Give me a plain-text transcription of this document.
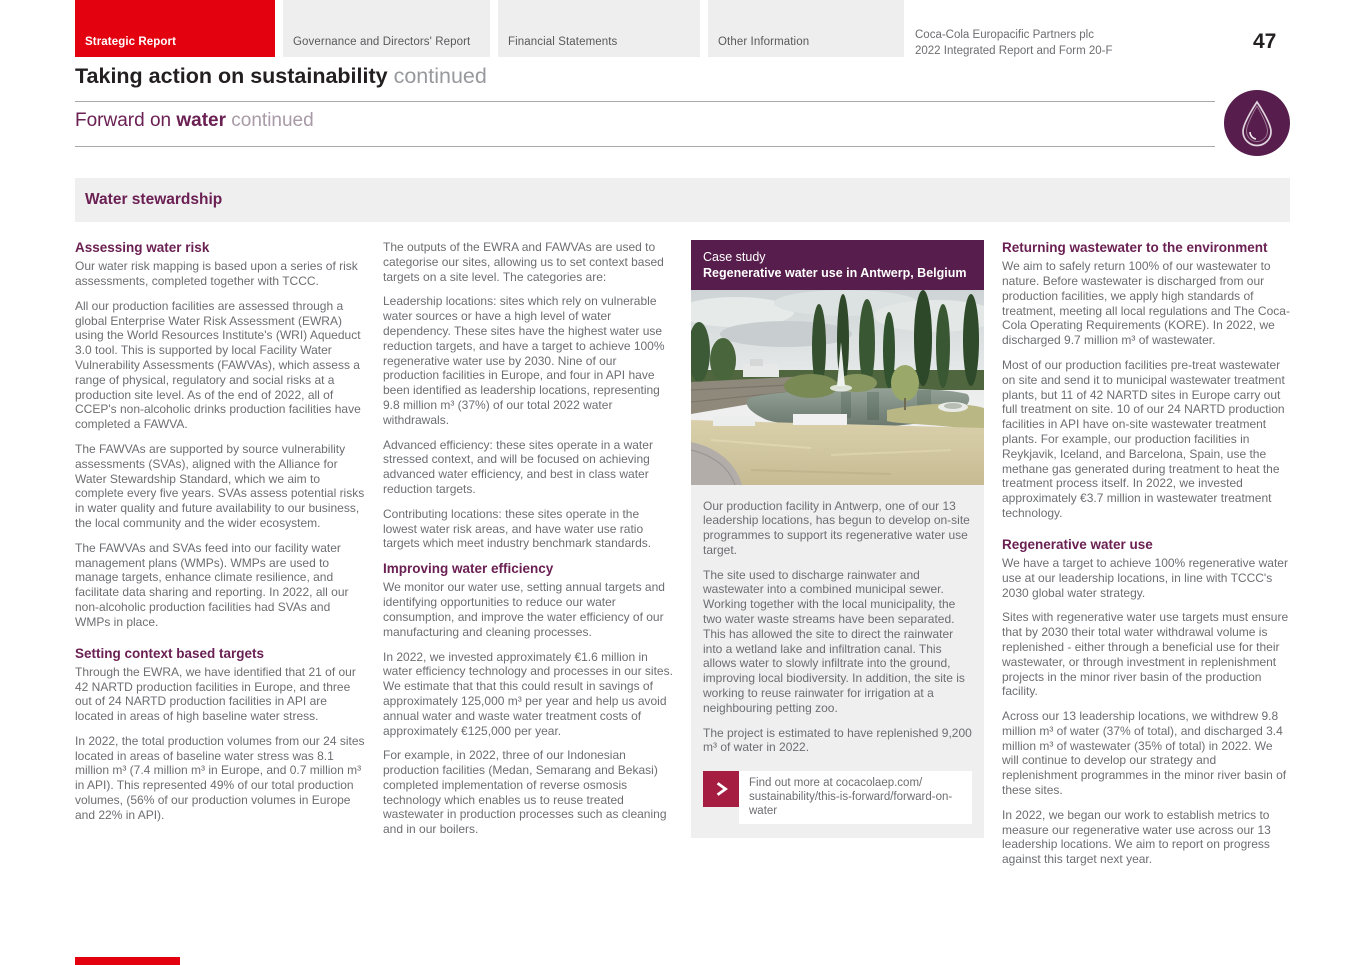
Strategic Report	Governance and Directors' Report	Financial Statements	Other Information
Coca-Cola Europacific Partners plc
2022 Integrated Report and Form 20-F	47
Taking action on sustainability continued
Forward on water continued
Water stewardship
Assessing water risk

Our water risk mapping is based upon a series of risk assessments, completed together with TCCC.

All our production facilities are assessed through a global Enterprise Water Risk Assessment (EWRA) using the World Resources Institute's (WRI) Aqueduct 3.0 tool. This is supported by local Facility Water Vulnerability Assessments (FAWVAs), which assess a range of physical, regulatory and social risks at a production site level. As of the end of 2022, all of CCEP's non-alcoholic drinks production facilities have completed a FAWVA.

The FAWVAs are supported by source vulnerability assessments (SVAs), aligned with the Alliance for Water Stewardship Standard, which we aim to complete every five years. SVAs assess potential risks in water quality and future availability to our business, the local community and the wider ecosystem.

The FAWVAs and SVAs feed into our facility water management plans (WMPs). WMPs are used to manage targets, enhance climate resilience, and facilitate data sharing and reporting. In 2022, all our non-alcoholic production facilities had SVAs and WMPs in place.

Setting context based targets

Through the EWRA, we have identified that 21 of our 42 NARTD production facilities in Europe, and three out of 24 NARTD production facilities in API are located in areas of high baseline water stress.

In 2022, the total production volumes from our 24 sites located in areas of baseline water stress was 8.1 million m³ (7.4 million m³ in Europe, and 0.7 million m³ in API). This represented 49% of our total production volumes, (56% of our production volumes in Europe and 22% in API).

The outputs of the EWRA and FAWVAs are used to categorise our sites, allowing us to set context based targets on a site level. The categories are:

Leadership locations: sites which rely on vulnerable water sources or have a high level of water dependency. These sites have the highest water use reduction targets, and have a target to achieve 100% regenerative water use by 2030. Nine of our production facilities in Europe, and four in API have been identified as leadership locations, representing 9.8 million m³ (37%) of our total 2022 water withdrawals.

Advanced efficiency: these sites operate in a water stressed context, and will be focused on achieving advanced water efficiency, and best in class water reduction targets.

Contributing locations: these sites operate in the lowest water risk areas, and have water use ratio targets which meet industry benchmark standards.

Improving water efficiency

We monitor our water use, setting annual targets and identifying opportunities to reduce our water consumption, and improve the water efficiency of our manufacturing and cleaning processes.

In 2022, we invested approximately €1.6 million in water efficiency technology and processes in our sites. We estimate that that this could result in savings of approximately 125,000 m³ per year and help us avoid annual water and waste water treatment costs of approximately €125,000 per year.

For example, in 2022, three of our Indonesian production facilities (Medan, Semarang and Bekasi) completed implementation of reverse osmosis technology which enables us to reuse treated wastewater in production processes such as cleaning and in our boilers.

Case study
Regenerative water use in Antwerp, Belgium

Our production facility in Antwerp, one of our 13 leadership locations, has begun to develop on-site programmes to support its regenerative water use target.

The site used to discharge rainwater and wastewater into a combined municipal sewer. Working together with the local municipality, the two water waste streams have been separated. This has allowed the site to direct the rainwater into a wetland lake and infiltration canal. This allows water to slowly infiltrate into the ground, improving local biodiversity. In addition, the site is working to reuse rainwater for irrigation at a neighbouring petting zoo.

The project is estimated to have replenished 9,200 m³ of water in 2022.

Find out more at cocacolaep.com/ sustainability/this-is-forward/forward-on-water
Returning wastewater to the environment

We aim to safely return 100% of our wastewater to nature. Before wastewater is discharged from our production facilities, we apply high standards of treatment, meeting all local regulations and The Coca-Cola Operating Requirements (KORE). In 2022, we discharged 9.7 million m³ of wastewater.

Most of our production facilities pre-treat wastewater on site and send it to municipal wastewater treatment plants, but 11 of 42 NARTD sites in Europe carry out full treatment on site. 10 of our 24 NARTD production facilities in API have on-site wastewater treatment plants. For example, our production facilities in Reykjavik, Iceland, and Barcelona, Spain, use the methane gas generated during treatment to heat the treatment process itself. In 2022, we invested approximately €3.7 million in wastewater treatment technology.

Regenerative water use

We have a target to achieve 100% regenerative water use at our leadership locations, in line with TCCC's 2030 global water strategy.

Sites with regenerative water use targets must ensure that by 2030 their total water withdrawal volume is replenished - either through a beneficial use for their wastewater, or through investment in replenishment projects in the minor river basin of the production facility.

Across our 13 leadership locations, we withdrew 9.8 million m³ of water (37% of total), and discharged 3.4 million m³ of wastewater (35% of total) in 2022. We will continue to develop our strategy and replenishment programmes in the minor river basin of these sites.

In 2022, we began our work to establish metrics to measure our regenerative water use across our 13 leadership locations. We aim to report on progress against this target next year.
